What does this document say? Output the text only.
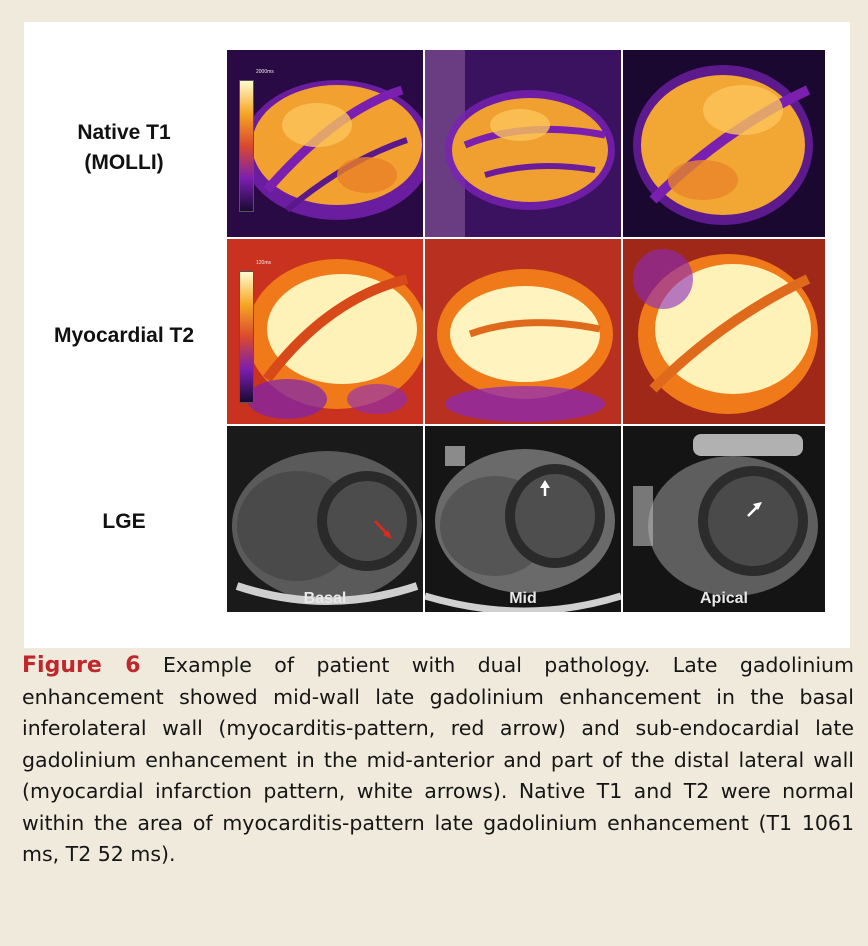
Native T1
(MOLLI)
Myocardial T2
LGE
2000ms
120ms
Basal	Mid	Apical
Figure 6 Example of patient with dual pathology. Late gadolinium enhancement showed mid-wall late gadolinium enhancement in the basal inferolateral wall (myocarditis-pattern, red arrow) and sub-endocardial late gadolinium enhancement in the mid-anterior and part of the distal lateral wall (myocardial infarction pattern, white arrows). Native T1 and T2 were normal within the area of myocarditis-pattern late gadolinium enhancement (T1 1061 ms, T2 52 ms).
